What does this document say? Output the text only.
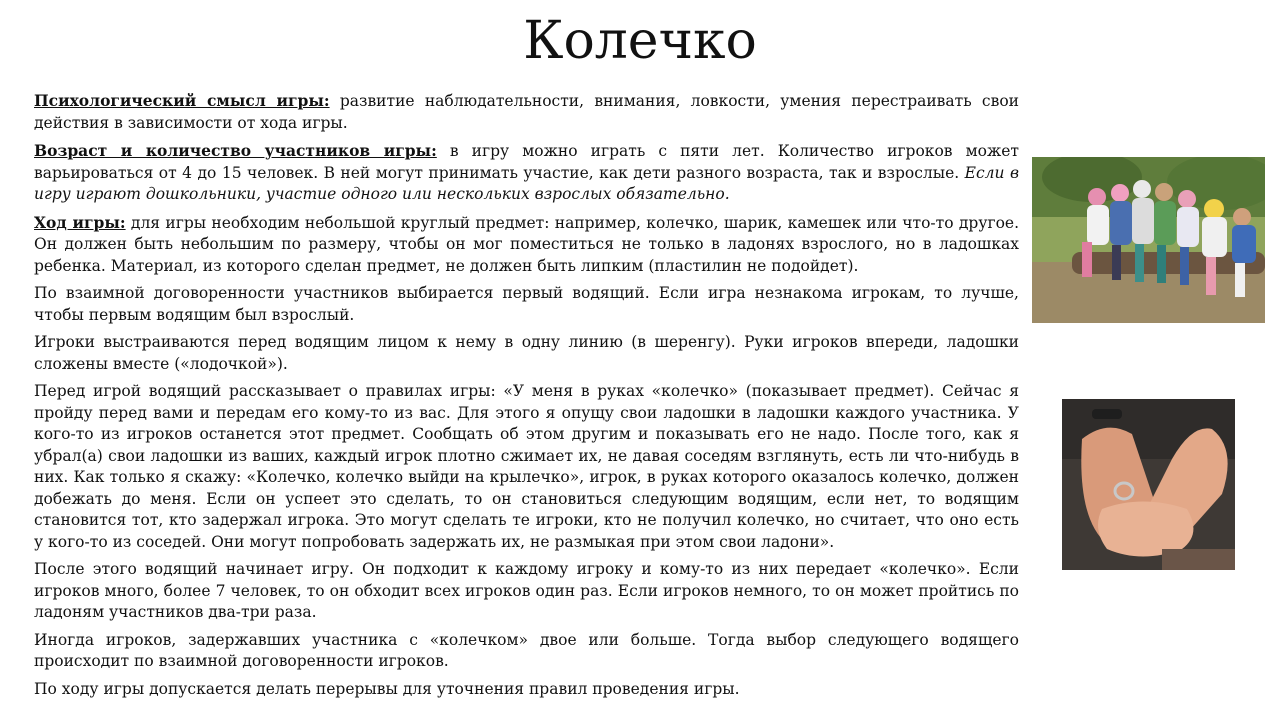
Колечко

Психологический смысл игры: развитие наблюдательности, внимания, ловкости, умения перестраивать свои действия в зависимости от хода игры.

Возраст и количество участников игры: в игру можно играть с пяти лет. Количество игроков может варьироваться от 4 до 15 человек. В ней могут принимать участие, как дети разного возраста, так и взрослые. Если в игру играют дошкольники, участие одного или нескольких взрослых обязательно.

Ход игры: для игры необходим небольшой круглый предмет: например, колечко, шарик, камешек или что-то другое. Он должен быть небольшим по размеру, чтобы он мог поместиться не только в ладонях взрослого, но в ладошках ребенка. Материал, из которого сделан предмет, не должен быть липким (пластилин не подойдет).

По взаимной договоренности участников выбирается первый водящий. Если игра незнакома игрокам, то лучше, чтобы первым водящим был взрослый.

Игроки выстраиваются перед водящим лицом к нему в одну линию (в шеренгу). Руки игроков впереди, ладошки сложены вместе («лодочкой»).

Перед игрой водящий рассказывает о правилах игры: «У меня в руках «колечко» (показывает предмет). Сейчас я пройду перед вами и передам его кому-то из вас. Для этого я опущу свои ладошки в ладошки каждого участника. У кого-то из игроков останется этот предмет. Сообщать об этом другим и показывать его не надо. После того, как я убрал(а) свои ладошки из ваших, каждый игрок плотно сжимает их, не давая соседям взглянуть, есть ли что-нибудь в них. Как только я скажу: «Колечко, колечко выйди на крылечко», игрок, в руках которого оказалось колечко, должен добежать до меня. Если он успеет это сделать, то он становиться следующим водящим, если нет, то водящим становится тот, кто задержал игрока. Это могут сделать те игроки, кто не получил колечко, но считает, что оно есть у кого-то из соседей. Они могут попробовать задержать их, не размыкая при этом свои ладони».

После этого водящий начинает игру. Он подходит к каждому игроку и кому-то из них передает «колечко». Если игроков много, более 7 человек, то он обходит всех игроков один раз. Если игроков немного, то он может пройтись по ладоням участников два-три раза.

Иногда игроков, задержавших участника с «колечком» двое или больше. Тогда выбор следующего водящего происходит по взаимной договоренности игроков.

По ходу игры допускается делать перерывы для уточнения правил проведения игры.
